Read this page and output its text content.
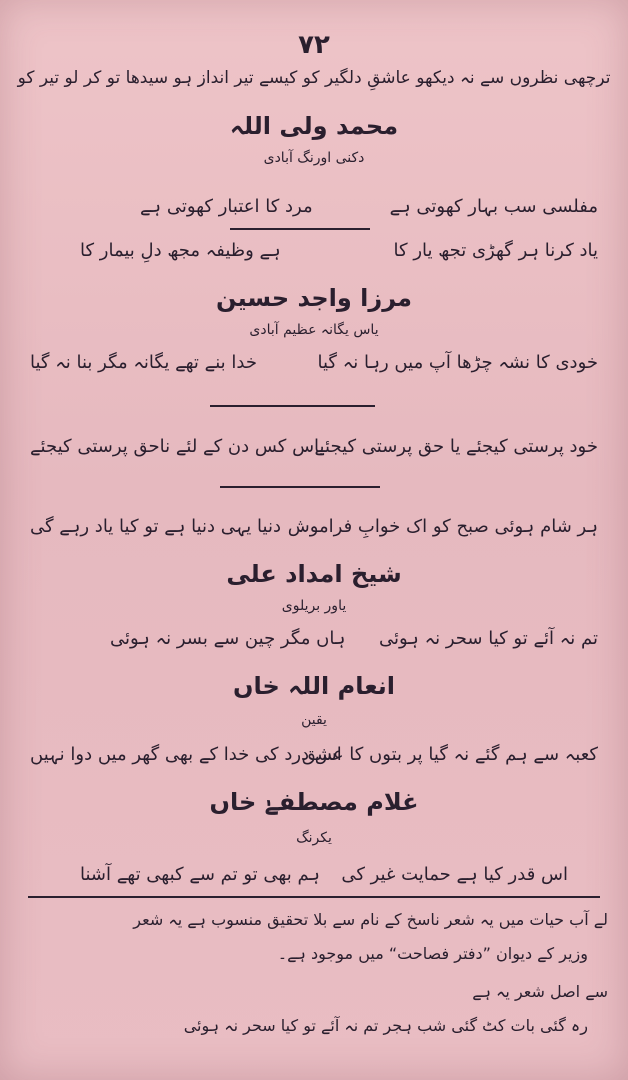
۷۲
ترچھی نظروں سے نہ دیکھو عاشقِ دلگیر کو کیسے تیر انداز ہو سیدھا تو کر لو تیر کو
محمد ولی اللہ
دکنی اورنگ آبادی
مفلسی سب بہار کھوتی ہے
مرد کا اعتبار کھوتی ہے
یاد کرنا ہر گھڑی تجھ یار کا
ہے وظیفہ مجھ دلِ بیمار کا
مرزا واجد حسین
یاس یگانہ عظیم آبادی
خودی کا نشہ چڑھا آپ میں رہا نہ گیا
خدا بنے تھے یگانہ مگر بنا نہ گیا
خود پرستی کیجئے یا حق پرستی کیجئے
یاس کس دن کے لئے ناحق پرستی کیجئے
ہر شام ہوئی صبح کو اک خوابِ فراموش
دنیا یہی دنیا ہے تو کیا یاد رہے گی
شیخ امداد علی
یاور بریلوی
تم نہ آئے تو کیا سحر نہ ہوئی
ہاں مگر چین سے بسر نہ ہوئی
انعام اللہ خاں
یقین
کعبہ سے ہم گئے نہ گیا پر بتوں کا عشق
اس درد کی خدا کے بھی گھر میں دوا نہیں
غلام مصطفےٰ خاں
یکرنگ
اس قدر کیا ہے حمایت غیر کی
ہم بھی تو تم سے کبھی تھے آشنا
لے آب حیات میں یہ شعر ناسخ کے نام سے بلا تحقیق منسوب ہے یہ شعر
وزیر کے دیوان ”دفتر فصاحت“ میں موجود ہے۔
سے اصل شعر یہ ہے
رہ گئی بات کٹ گئی شب ہجر تم نہ آئے تو کیا سحر نہ ہوئی
